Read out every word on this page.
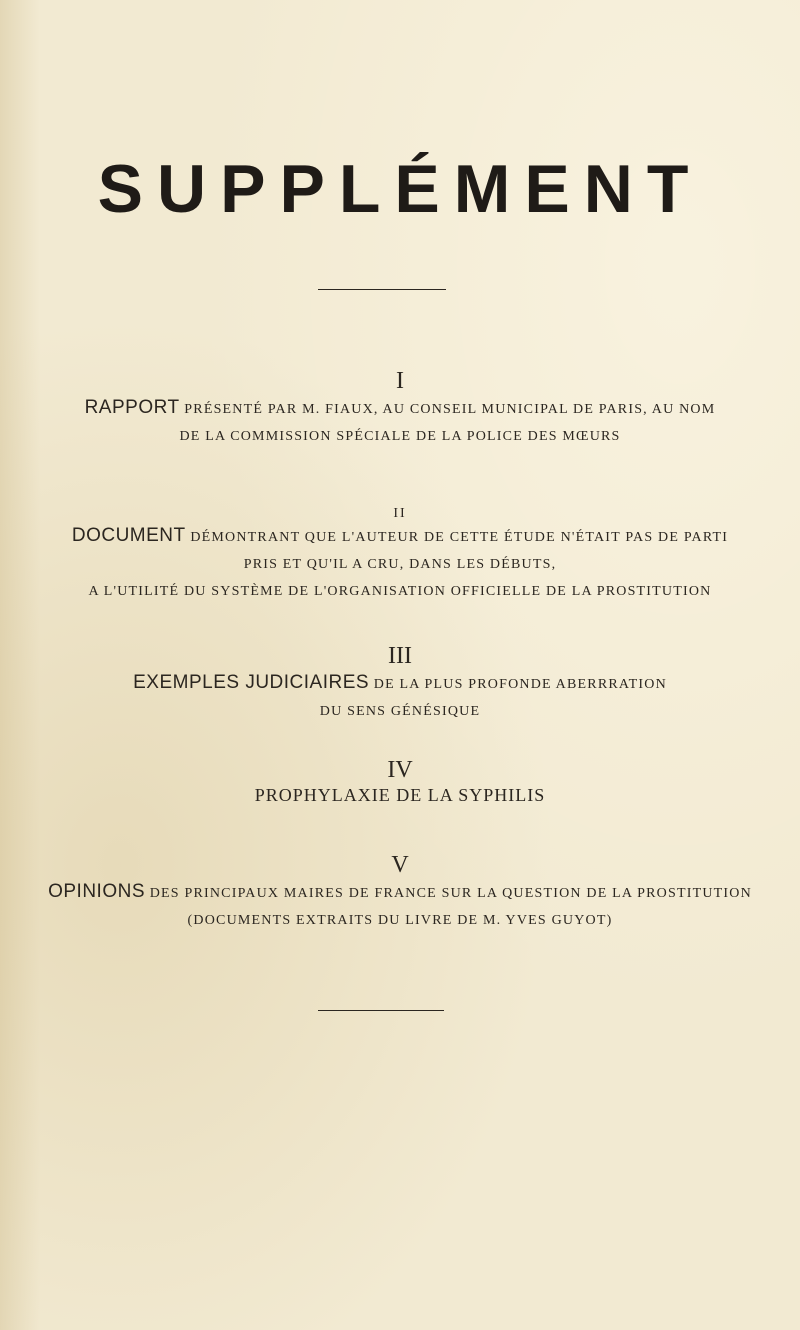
SUPPLÉMENT
I
RAPPORT PRÉSENTÉ PAR M. FIAUX, AU CONSEIL MUNICIPAL DE PARIS, AU NOM
DE LA COMMISSION SPÉCIALE DE LA POLICE DES MŒURS
II
DOCUMENT DÉMONTRANT QUE L'AUTEUR DE CETTE ÉTUDE N'ÉTAIT PAS DE PARTI
PRIS ET QU'IL A CRU, DANS LES DÉBUTS,
A L'UTILITÉ DU SYSTÈME DE L'ORGANISATION OFFICIELLE DE LA PROSTITUTION
III
EXEMPLES JUDICIAIRES DE LA PLUS PROFONDE ABERRRATION
DU SENS GÉNÉSIQUE
IV
PROPHYLAXIE DE LA SYPHILIS
V
OPINIONS DES PRINCIPAUX MAIRES DE FRANCE SUR LA QUESTION DE LA PROSTITUTION
(DOCUMENTS EXTRAITS DU LIVRE DE M. YVES GUYOT)
